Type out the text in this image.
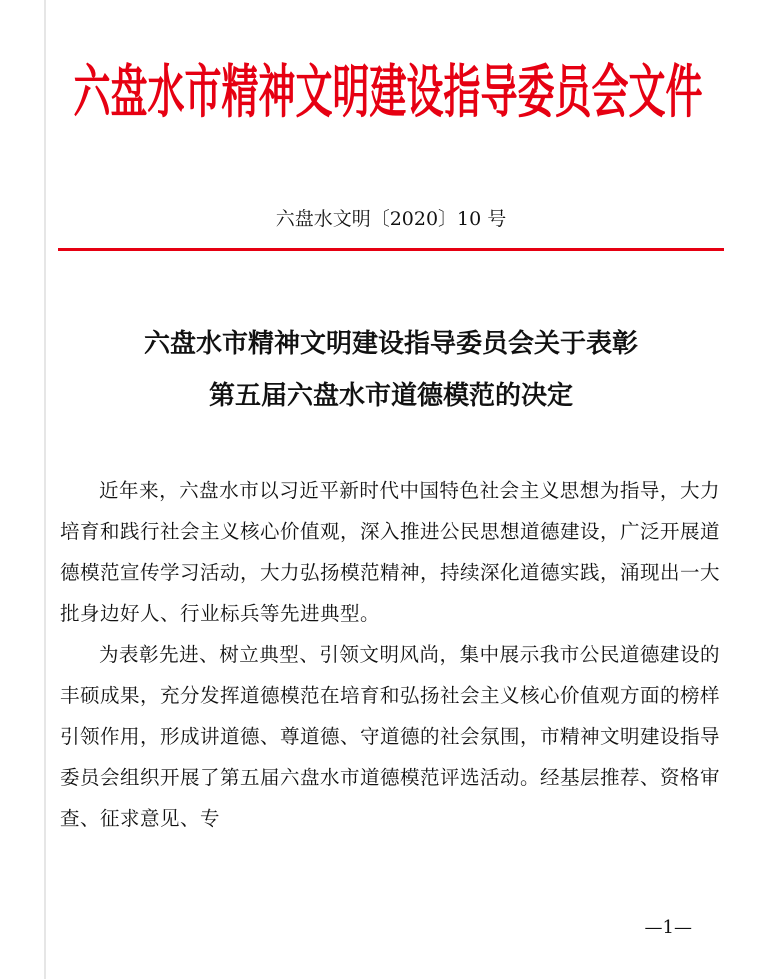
六盘水市精神文明建设指导委员会文件
六盘水文明〔2020〕10 号
六盘水市精神文明建设指导委员会关于表彰
第五届六盘水市道德模范的决定

近年来，六盘水市以习近平新时代中国特色社会主义思想为指导，大力培育和践行社会主义核心价值观，深入推进公民思想道德建设，广泛开展道德模范宣传学习活动，大力弘扬模范精神，持续深化道德实践，涌现出一大批身边好人、行业标兵等先进典型。

为表彰先进、树立典型、引领文明风尚，集中展示我市公民道德建设的丰硕成果，充分发挥道德模范在培育和弘扬社会主义核心价值观方面的榜样引领作用，形成讲道德、尊道德、守道德的社会氛围，市精神文明建设指导委员会组织开展了第五届六盘水市道德模范评选活动。经基层推荐、资格审查、征求意见、专

—1—
